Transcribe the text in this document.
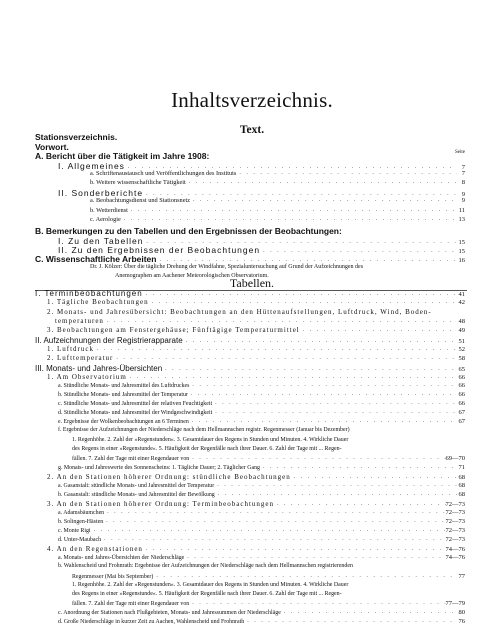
Inhaltsverzeichnis.
Text.
Seite
Stationsverzeichnis.
Vorwort.
A. Bericht über die Tätigkeit im Jahre 1908:
I. Allgemeines . . .	7
a. Schriftenaustausch und Veröffentlichungen des Instituts . . .	7
b. Weitere wissenschaftliche Tätigkeit . . .	8
II. Sonderberichte . . .	9
a. Beobachtungsdienst und Stationsnetz . . .	9
b. Wetterdienst . . .	11
c. Aerologie . . .	13
B. Bemerkungen zu den Tabellen und den Ergebnissen der Beobachtungen:
I. Zu den Tabellen . . .	15
II. Zu den Ergebnissen der Beobachtungen . . .	15
C. Wissenschaftliche Arbeiten . . .	16
Dr. J. Kölzer: Über die tägliche Drehung der Windfahne, Spezialuntersuchung auf Grund der Aufzeichnungen des
Anemographen am Aachener Meteorologischen Observatorium.
Tabellen.
I. Terminbeobachtungen . . .	41
1. Tägliche Beobachtungen . . .	42
2. Monats- und Jahresübersicht: Beobachtungen an den Hüttenaufstellungen, Luftdruck, Wind, Boden-
temperaturen . . .	48
3. Beobachtungen am Fenstergehäuse; Fünftägige Temperaturmittel . . .	49
II. Aufzeichnungen der Registrierapparate . . .	51
1. Luftdruck . . .	52
2. Lufttemperatur . . .	58
III. Monats- und Jahres-Übersichten . . .	65
1. Am Observatorium . . .	66
a. Stündliche Monats- und Jahresmittel des Luftdruckes . . .	66
b. Stündliche Monats- und Jahresmittel der Temperatur . . .	66
c. Stündliche Monats- und Jahresmittel der relativen Feuchtigkeit . . .	66
d. Stündliche Monats- und Jahresmittel der Windgeschwindigkeit . . .	67
e. Ergebnisse der Wolkenbeobachtungen an 6 Terminen . . .	67
f. Ergebnisse der Aufzeichnungen der Niederschläge nach dem Hellmannschen registr. Regenmesser (Januar bis Dezember)
1. Regenhöhe. 2. Zahl der »Regenstunden«. 3. Gesamtdauer des Regens in Stunden und Minuten. 4. Wirkliche Dauer
des Regens in einer »Regenstunde«. 5. Häufigkeit der Regenfälle nach ihrer Dauer. 6. Zahl der Tage mit ... Regen-
fällen. 7. Zahl der Tage mit einer Regendauer von . . .	69—70
g. Monats- und Jahreswerte des Sonnenscheins: 1. Tägliche Dauer; 2. Täglicher Gang . . .	71
2. An den Stationen höherer Ordnung: stündliche Beobachtungen . . .	68
a. Gasanstalt: stündliche Monats- und Jahresmittel der Temperatur . . .	68
b. Gasanstalt: stündliche Monats- und Jahresmittel der Bewölkung . . .	68
3. An den Stationen höherer Ordnung: Terminbeobachtungen . . .	72—73
a. Adamsbäumchen . . .	72—73
b. Solingen-Hästen . . .	72—73
c. Monte Rigi . . .	72—73
d. Unter-Maubach . . .	72—73
4. An den Regenstationen . . .	74—76
a. Monats- und Jahres-Übersichten der Niederschläge . . .	74—76
b. Wahlenscheid und Frohnrath: Ergebnisse der Aufzeichnungen der Niederschläge nach dem Hellmannschen registrierenden
Regenmesser (Mai bis September) . . .	77
1. Regenhöhe. 2. Zahl der »Regenstunden«. 3. Gesamtdauer des Regens in Stunden und Minuten. 4. Wirkliche Dauer
des Regens in einer »Regenstunde«. 5. Häufigkeit der Regenfälle nach ihrer Dauer. 6. Zahl der Tage mit ... Regen-
fällen. 7. Zahl der Tage mit einer Regendauer von . . .	77—79
c. Anordnung der Stationen nach Flußgebieten, Monats- und Jahressummen der Niederschläge . . .	80
d. Große Niederschläge in kurzer Zeit zu Aachen, Wahlenscheid und Frohnrath . . .	76
